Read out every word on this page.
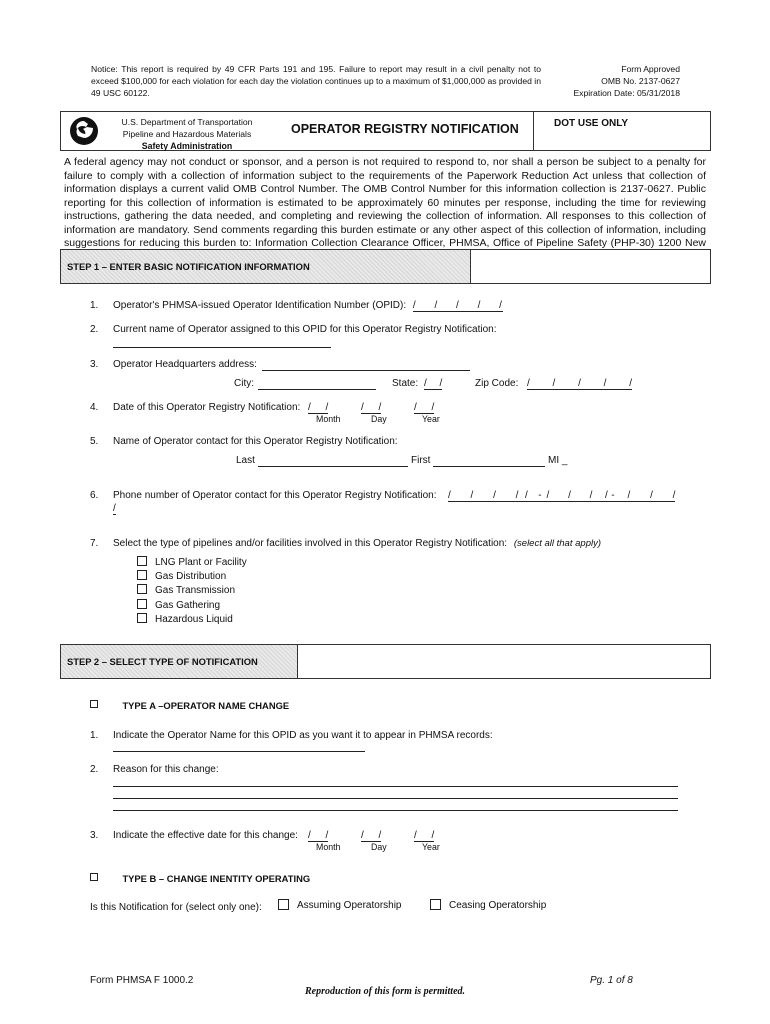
Notice: This report is required by 49 CFR Parts 191 and 195. Failure to report may result in a civil penalty not to exceed $100,000 for each violation for each day the violation continues up to a maximum of $1,000,000 as provided in 49 USC 60122.
Form Approved
OMB No. 2137-0627
Expiration Date: 05/31/2018
U.S. Department of Transportation
Pipeline and Hazardous Materials
Safety Administration
OPERATOR REGISTRY NOTIFICATION	DOT USE ONLY
A federal agency may not conduct or sponsor, and a person is not required to respond to, nor shall a person be subject to a penalty for failure to comply with a collection of information subject to the requirements of the Paperwork Reduction Act unless that collection of information displays a current valid OMB Control Number. The OMB Control Number for this information collection is 2137-0627. Public reporting for this collection of information is estimated to be approximately 60 minutes per response, including the time for reviewing instructions, gathering the data needed, and completing and reviewing the collection of information. All responses to this collection of information are mandatory. Send comments regarding this burden estimate or any other aspect of this collection of information, including suggestions for reducing this burden to: Information Collection Clearance Officer, PHMSA, Office of Pipeline Safety (PHP-30) 1200 New
STEP 1 – ENTER BASIC NOTIFICATION INFORMATION
1. Operator's PHMSA-issued Operator Identification Number (OPID): / / / / /
2. Current name of Operator assigned to this OPID for this Operator Registry Notification:
3. Operator Headquarters address:
City:	State: / /	Zip Code: / / / / /
4. Date of this Operator Registry Notification: / /	/ /	/ /
Month	Day	Year
5. Name of Operator contact for this Operator Registry Notification:
Last	First	MI _
6. Phone number of Operator contact for this Operator Registry Notification: / / / / -
/ / / / -
/ / / /
/
7. Select the type of pipelines and/or facilities involved in this Operator Registry Notification: (select all that apply)
LNG Plant or Facility
Gas Distribution
Gas Transmission
Gas Gathering
Hazardous Liquid
STEP 2 – SELECT TYPE OF NOTIFICATION
TYPE A –OPERATOR NAME CHANGE
1. Indicate the Operator Name for this OPID as you want it to appear in PHMSA records:
2. Reason for this change:
3. Indicate the effective date for this change: / /	/ /	/ /
Month	Day	Year
TYPE B – CHANGE INENTITY OPERATING
Is this Notification for (select only one):	Assuming Operatorship	Ceasing Operatorship
Form PHMSA F 1000.2	Pg. 1 of 8
Reproduction of this form is permitted.
